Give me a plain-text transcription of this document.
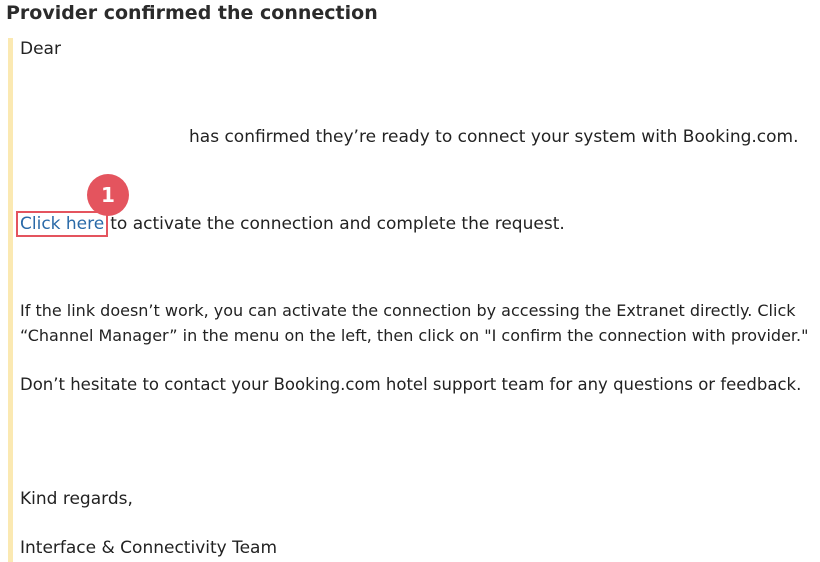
Provider confirmed the connection
Dear
has confirmed they’re ready to connect your system with Booking.com.
Click here to activate the connection and complete the request.
1
If the link doesn’t work, you can activate the connection by accessing the Extranet directly. Click
“Channel Manager” in the menu on the left, then click on "I confirm the connection with provider."
Don’t hesitate to contact your Booking.com hotel support team for any questions or feedback.
Kind regards,
Interface & Connectivity Team
